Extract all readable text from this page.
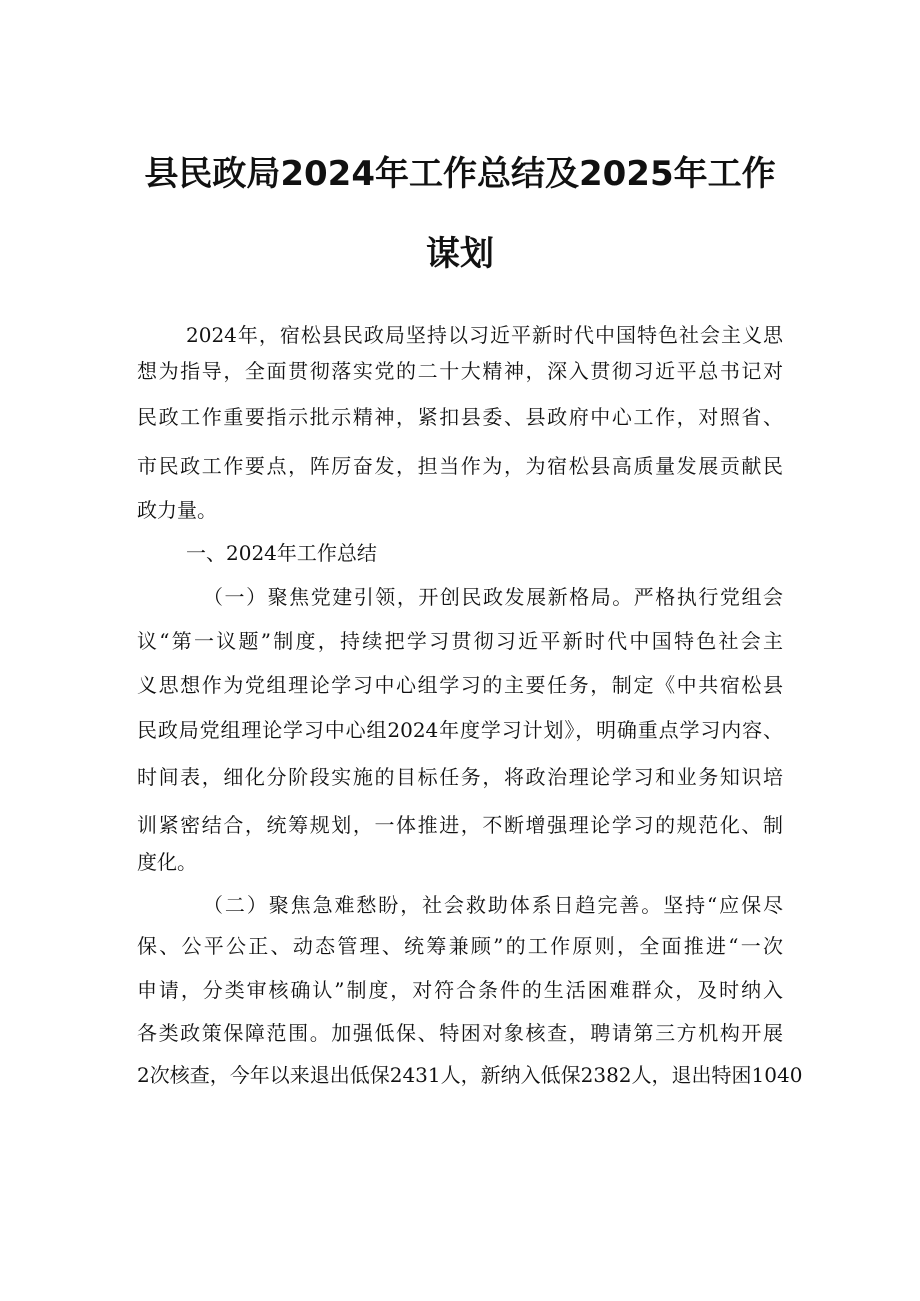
县民政局2024年工作总结及2025年工作
谋划
2024年，宿松县民政局坚持以习近平新时代中国特色社会主义思
想为指导，全面贯彻落实党的二十大精神，深入贯彻习近平总书记对
民政工作重要指示批示精神，紧扣县委、县政府中心工作，对照省、
市民政工作要点，阵厉奋发，担当作为，为宿松县高质量发展贡献民
政力量。
一、2024年工作总结
（一）聚焦党建引领，开创民政发展新格局。严格执行党组会
议“第一议题”制度，持续把学习贯彻习近平新时代中国特色社会主
义思想作为党组理论学习中心组学习的主要任务，制定《中共宿松县
民政局党组理论学习中心组2024年度学习计划》，明确重点学习内容、
时间表，细化分阶段实施的目标任务，将政治理论学习和业务知识培
训紧密结合，统筹规划，一体推进，不断增强理论学习的规范化、制
度化。
（二）聚焦急难愁盼，社会救助体系日趋完善。坚持“应保尽
保、公平公正、动态管理、统筹兼顾”的工作原则，全面推进“一次
申请，分类审核确认”制度，对符合条件的生活困难群众，及时纳入
各类政策保障范围。加强低保、特困对象核查，聘请第三方机构开展
2次核查，今年以来退出低保2431人，新纳入低保2382人，退出特困1040
